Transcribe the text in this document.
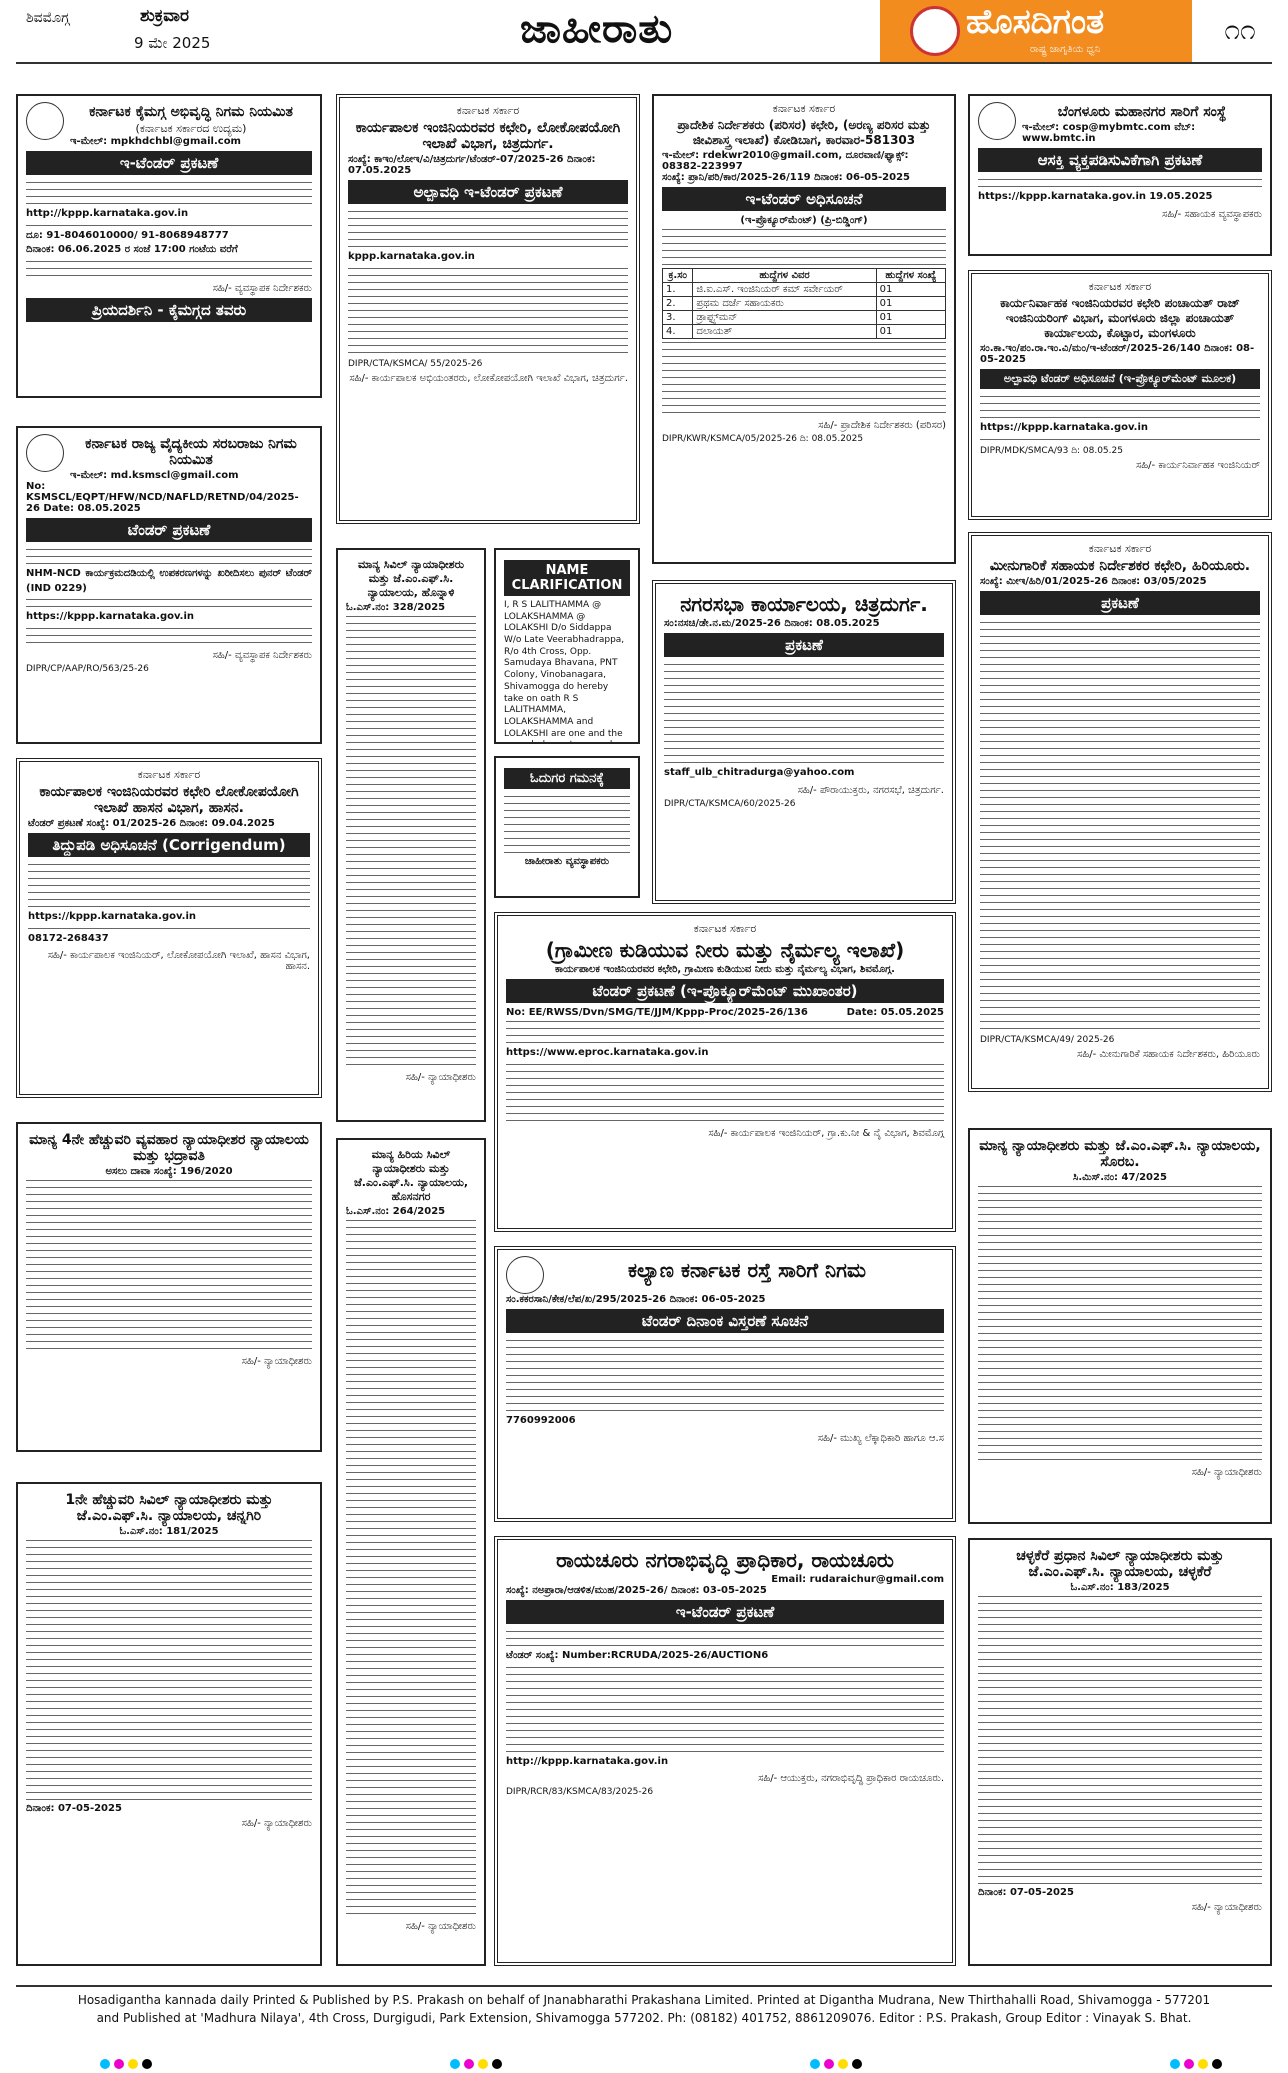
ಶಿವಮೊಗ್ಗ	ಶುಕ್ರವಾರ
9 ಮೇ 2025	ಜಾಹೀರಾತು	ಹೊಸದಿಗಂತ
ರಾಷ್ಟ್ರ ಜಾಗೃತಿಯ ಧ್ವನಿ
೧೧
ಕರ್ನಾಟಕ ಕೈಮಗ್ಗ ಅಭಿವೃದ್ಧಿ ನಿಗಮ ನಿಯಮಿತ
(ಕರ್ನಾಟಕ ಸರ್ಕಾರದ ಉದ್ಯಮ)
ಇ-ಮೇಲ್: mpkhdchbl@gmail.com
ಇ-ಟೆಂಡರ್ ಪ್ರಕಟಣೆ
http://kppp.karnataka.gov.in
ದೂ: 91-8046010000/ 91-8068948777
ದಿನಾಂಕ: 06.06.2025 ರ ಸಂಜೆ 17:00 ಗಂಟೆಯ ವರೆಗೆ
ಸಹಿ/- ವ್ಯವಸ್ಥಾಪಕ ನಿರ್ದೇಶಕರು
ಪ್ರಿಯದರ್ಶಿನಿ - ಕೈಮಗ್ಗದ ತವರು
ಕರ್ನಾಟಕ ರಾಜ್ಯ ವೈದ್ಯಕೀಯ ಸರಬರಾಜು ನಿಗಮ ನಿಯಮಿತ
ಇ-ಮೇಲ್: md.ksmscl@gmail.com
No: KSMSCL/EQPT/HFW/NCD/NAFLD/RETND/04/2025-26 Date: 08.05.2025
ಟೆಂಡರ್ ಪ್ರಕಟಣೆ
NHM-NCD ಕಾರ್ಯಕ್ರಮದಡಿಯಲ್ಲಿ ಉಪಕರಣಗಳನ್ನು ಖರೀದಿಸಲು ಪುನರ್ ಟೆಂಡರ್ (IND 0229)
https://kppp.karnataka.gov.in
ಸಹಿ/- ವ್ಯವಸ್ಥಾಪಕ ನಿರ್ದೇಶಕರು
DIPR/CP/AAP/RO/563/25-26
ಕರ್ನಾಟಕ ಸರ್ಕಾರ
ಕಾರ್ಯಪಾಲಕ ಇಂಜಿನಿಯರವರ ಕಛೇರಿ ಲೋಕೋಪಯೋಗಿ ಇಲಾಖೆ ಹಾಸನ ವಿಭಾಗ, ಹಾಸನ.
ಟೆಂಡರ್ ಪ್ರಕಟಣೆ ಸಂಖ್ಯೆ: 01/2025-26 ದಿನಾಂಕ: 09.04.2025
ತಿದ್ದುಪಡಿ ಅಧಿಸೂಚನೆ (Corrigendum)
https://kppp.karnataka.gov.in
08172-268437
ಸಹಿ/- ಕಾರ್ಯಪಾಲಕ ಇಂಜಿನಿಯರ್, ಲೋಕೋಪಯೋಗಿ ಇಲಾಖೆ, ಹಾಸನ ವಿಭಾಗ, ಹಾಸನ.
ಮಾನ್ಯ 4ನೇ ಹೆಚ್ಚುವರಿ ವ್ಯವಹಾರ ನ್ಯಾಯಾಧೀಶರ ನ್ಯಾಯಾಲಯ ಮತ್ತು ಭದ್ರಾವತಿ
ಅಸಲು ದಾವಾ ಸಂಖ್ಯೆ: 196/2020
ಸಹಿ/- ನ್ಯಾಯಾಧೀಶರು
1ನೇ ಹೆಚ್ಚುವರಿ ಸಿವಿಲ್ ನ್ಯಾಯಾಧೀಶರು ಮತ್ತು ಜೆ.ಎಂ.ಎಫ್.ಸಿ. ನ್ಯಾಯಾಲಯ, ಚನ್ನಗಿರಿ
ಓ.ಎಸ್.ನಂ: 181/2025
ದಿನಾಂಕ: 07-05-2025
ಸಹಿ/- ನ್ಯಾಯಾಧೀಶರು
ಕರ್ನಾಟಕ ಸರ್ಕಾರ
ಕಾರ್ಯಪಾಲಕ ಇಂಜಿನಿಯರವರ ಕಛೇರಿ, ಲೋಕೋಪಯೋಗಿ ಇಲಾಖೆ ವಿಭಾಗ, ಚಿತ್ರದುರ್ಗ.
ಸಂಖ್ಯೆ: ಕಾಇಂ/ಲೋಇ/ವಿ/ಚಿತ್ರದುರ್ಗ/ಟೆಂಡರ್-07/2025-26 ದಿನಾಂಕ: 07.05.2025
ಅಲ್ಪಾವಧಿ ಇ-ಟೆಂಡರ್ ಪ್ರಕಟಣೆ
kppp.karnataka.gov.in
DIPR/CTA/KSMCA/ 55/2025-26
ಸಹಿ/- ಕಾರ್ಯಪಾಲಕ ಅಭಿಯಂತರರು, ಲೋಕೋಪಯೋಗಿ ಇಲಾಖೆ ವಿಭಾಗ, ಚಿತ್ರದುರ್ಗ.
ಮಾನ್ಯ ಸಿವಿಲ್ ನ್ಯಾಯಾಧೀಶರು ಮತ್ತು ಜೆ.ಎಂ.ಎಫ್.ಸಿ. ನ್ಯಾಯಾಲಯ, ಹೊನ್ನಾಳಿ
ಓ.ಎಸ್.ನಂ: 328/2025
ಸಹಿ/- ನ್ಯಾಯಾಧೀಶರು
ಮಾನ್ಯ ಹಿರಿಯ ಸಿವಿಲ್ ನ್ಯಾಯಾಧೀಶರು ಮತ್ತು ಜೆ.ಎಂ.ಎಫ್.ಸಿ. ನ್ಯಾಯಾಲಯ, ಹೊಸನಗರ
ಓ.ಎಸ್.ನಂ: 264/2025
ಸಹಿ/- ನ್ಯಾಯಾಧೀಶರು
NAME CLARIFICATION
I, R S LALITHAMMA @ LOLAKSHAMMA @ LOLAKSHI D/o Siddappa W/o Late Veerabhadrappa, R/o 4th Cross, Opp. Samudaya Bhavana, PNT Colony, Vinobanagara, Shivamogga do hereby take on oath R S LALITHAMMA, LOLAKSHAMMA and LOLAKSHI are one and the
ಓದುಗರ ಗಮನಕ್ಕೆ
ಜಾಹೀರಾತು ವ್ಯವಸ್ಥಾಪಕರು
ಕರ್ನಾಟಕ ಸರ್ಕಾರ
ಪ್ರಾದೇಶಿಕ ನಿರ್ದೇಶಕರು (ಪರಿಸರ) ಕಛೇರಿ, (ಅರಣ್ಯ ಪರಿಸರ ಮತ್ತು ಜೀವಿಶಾಸ್ತ್ರ ಇಲಾಖೆ) ಕೋಡಿಬಾಗ, ಕಾರವಾರ-581303
ಇ-ಮೇಲ್: rdekwr2010@gmail.com, ದೂರವಾಣಿ/ಫ್ಯಾಕ್ಸ್: 08382-223997
ಸಂಖ್ಯೆ: ಪ್ರಾನಿ/ಪರಿ/ಕಾರ/2025-26/119 ದಿನಾಂಕ: 06-05-2025
ಇ-ಟೆಂಡರ್ ಅಧಿಸೂಚನೆ
(ಇ-ಪ್ರೊಕ್ಯೂರ್‌ಮೆಂಟ್) (ಪ್ರಿ-ಬಿಡ್ಡಿಂಗ್)
ಕ್ರ.ಸಂ	ಹುದ್ದೆಗಳ ವಿವರ	ಹುದ್ದೆಗಳ ಸಂಖ್ಯೆ
1.	ಜಿ.ಐ.ಎಸ್. ಇಂಜಿನಿಯರ್ ಕಮ್ ಸರ್ವೇಯರ್	01
2.	ಪ್ರಥಮ ದರ್ಜೆ ಸಹಾಯಕರು	01
3.	ಡ್ರಾಫ್ಟ್ಸ್‌ಮನ್	01
4.	ದಲಾಯತ್	01
ಸಹಿ/- ಪ್ರಾದೇಶಿಕ ನಿರ್ದೇಶಕರು (ಪರಿಸರ)
DIPR/KWR/KSMCA/05/2025-26 ದಿ: 08.05.2025
ನಗರಸಭಾ ಕಾರ್ಯಾಲಯ, ಚಿತ್ರದುರ್ಗ.
ಸಂ:ನಸಚಿ/ಡೇ.ನ.ಮ/2025-26 ದಿನಾಂಕ: 08.05.2025
ಪ್ರಕಟಣೆ
staff_ulb_chitradurga@yahoo.com
ಸಹಿ/- ಪೌರಾಯುಕ್ತರು, ನಗರಸಭೆ, ಚಿತ್ರದುರ್ಗ.
DIPR/CTA/KSMCA/60/2025-26
ಕರ್ನಾಟಕ ಸರ್ಕಾರ
(ಗ್ರಾಮೀಣ ಕುಡಿಯುವ ನೀರು ಮತ್ತು ನೈರ್ಮಲ್ಯ ಇಲಾಖೆ)
ಕಾರ್ಯಪಾಲಕ ಇಂಜಿನಿಯರವರ ಕಛೇರಿ, ಗ್ರಾಮೀಣ ಕುಡಿಯುವ ನೀರು ಮತ್ತು ನೈರ್ಮಲ್ಯ ವಿಭಾಗ, ಶಿವಮೊಗ್ಗ.
ಟೆಂಡರ್ ಪ್ರಕಟಣೆ (ಇ-ಪ್ರೊಕ್ಯೂರ್‌ಮೆಂಟ್ ಮುಖಾಂತರ)
No: EE/RWSS/Dvn/SMG/TE/JJM/Kppp-Proc/2025-26/136	Date: 05.05.2025
https://www.eproc.karnataka.gov.in
ಸಹಿ/- ಕಾರ್ಯಪಾಲಕ ಇಂಜಿನಿಯರ್, ಗ್ರಾ.ಕು.ನೀ & ನೈ ವಿಭಾಗ, ಶಿವಮೊಗ್ಗ
ಕಲ್ಯಾಣ ಕರ್ನಾಟಕ ರಸ್ತೆ ಸಾರಿಗೆ ನಿಗಮ
ಸಂ.ಕಕರಸಾನಿ/ಕೇಕ/ಲೆಪ/ಖ/295/2025-26 ದಿನಾಂಕ: 06-05-2025
ಟೆಂಡರ್ ದಿನಾಂಕ ವಿಸ್ತರಣೆ ಸೂಚನೆ
7760992006
ಸಹಿ/- ಮುಖ್ಯ ಲೆಕ್ಕಾಧಿಕಾರಿ ಹಾಗೂ ಆ.ಸ
ರಾಯಚೂರು ನಗರಾಭಿವೃದ್ಧಿ ಪ್ರಾಧಿಕಾರ, ರಾಯಚೂರು
Email: rudaraichur@gmail.com
ಸಂಖ್ಯೆ: ನಅಪ್ರಾರಾ/ಆಡಳಿತ/ಮುಹ/2025-26/ ದಿನಾಂಕ: 03-05-2025
ಇ-ಟೆಂಡರ್ ಪ್ರಕಟಣೆ
ಟೆಂಡರ್ ಸಂಖ್ಯೆ: Number:RCRUDA/2025-26/AUCTION6
http://kppp.karnataka.gov.in
ಸಹಿ/- ಆಯುಕ್ತರು, ನಗರಾಭಿವೃದ್ಧಿ ಪ್ರಾಧಿಕಾರ ರಾಯಚೂರು.
DIPR/RCR/83/KSMCA/83/2025-26
ಬೆಂಗಳೂರು ಮಹಾನಗರ ಸಾರಿಗೆ ಸಂಸ್ಥೆ
ಇ-ಮೇಲ್: cosp@mybmtc.com ವೆಬ್: www.bmtc.in
ಆಸಕ್ತಿ ವ್ಯಕ್ತಪಡಿಸುವಿಕೆಗಾಗಿ ಪ್ರಕಟಣೆ
https://kppp.karnataka.gov.in 19.05.2025
ಸಹಿ/- ಸಹಾಯಕ ವ್ಯವಸ್ಥಾಪಕರು
ಕರ್ನಾಟಕ ಸರ್ಕಾರ
ಕಾರ್ಯನಿರ್ವಾಹಕ ಇಂಜಿನಿಯರವರ ಕಛೇರಿ ಪಂಚಾಯತ್ ರಾಜ್ ಇಂಜಿನಿಯರಿಂಗ್ ವಿಭಾಗ, ಮಂಗಳೂರು ಜಿಲ್ಲಾ ಪಂಚಾಯತ್ ಕಾರ್ಯಾಲಯ, ಕೊಟ್ಟಾರ, ಮಂಗಳೂರು
ಸಂ.ಕಾ.ಇಂ/ಪಂ.ರಾ.ಇಂ.ವಿ/ಮಂ/ಇ-ಟೆಂಡರ್/2025-26/140 ದಿನಾಂಕ: 08-05-2025
ಅಲ್ಪಾವಧಿ ಟೆಂಡರ್ ಅಧಿಸೂಚನೆ (ಇ-ಪ್ರೊಕ್ಯೂರ್‌ಮೆಂಟ್ ಮೂಲಕ)
https://kppp.karnataka.gov.in
DIPR/MDK/SMCA/93 ದಿ: 08.05.25
ಸಹಿ/- ಕಾರ್ಯನಿರ್ವಾಹಕ ಇಂಜಿನಿಯರ್
ಕರ್ನಾಟಕ ಸರ್ಕಾರ
ಮೀನುಗಾರಿಕೆ ಸಹಾಯಕ ನಿರ್ದೇಶಕರ ಕಛೇರಿ, ಹಿರಿಯೂರು.
ಸಂಖ್ಯೆ: ಮೀಇ/ಹಿರಿ/01/2025-26 ದಿನಾಂಕ: 03/05/2025
ಪ್ರಕಟಣೆ
DIPR/CTA/KSMCA/49/ 2025-26
ಸಹಿ/- ಮೀನುಗಾರಿಕೆ ಸಹಾಯಕ ನಿರ್ದೇಶಕರು, ಹಿರಿಯೂರು
ಮಾನ್ಯ ನ್ಯಾಯಾಧೀಶರು ಮತ್ತು ಜೆ.ಎಂ.ಎಫ್.ಸಿ. ನ್ಯಾಯಾಲಯ, ಸೊರಬ.
ಸಿ.ಮಿಸ್.ನಂ: 47/2025
ಸಹಿ/- ನ್ಯಾಯಾಧೀಶರು
ಚಳ್ಳಕೆರೆ ಪ್ರಧಾನ ಸಿವಿಲ್ ನ್ಯಾಯಾಧೀಶರು ಮತ್ತು ಜೆ.ಎಂ.ಎಫ್.ಸಿ. ನ್ಯಾಯಾಲಯ, ಚಳ್ಳಕೆರೆ
ಓ.ಎಸ್.ನಂ: 183/2025
ದಿನಾಂಕ: 07-05-2025
ಸಹಿ/- ನ್ಯಾಯಾಧೀಶರು
Hosadigantha kannada daily Printed & Published by P.S. Prakash on behalf of Jnanabharathi Prakashana Limited. Printed at Digantha Mudrana, New Thirthahalli Road, Shivamogga - 577201
and Published at 'Madhura Nilaya', 4th Cross, Durgigudi, Park Extension, Shivamogga 577202. Ph: (08182) 401752, 8861209076. Editor : P.S. Prakash, Group Editor : Vinayak S. Bhat.
